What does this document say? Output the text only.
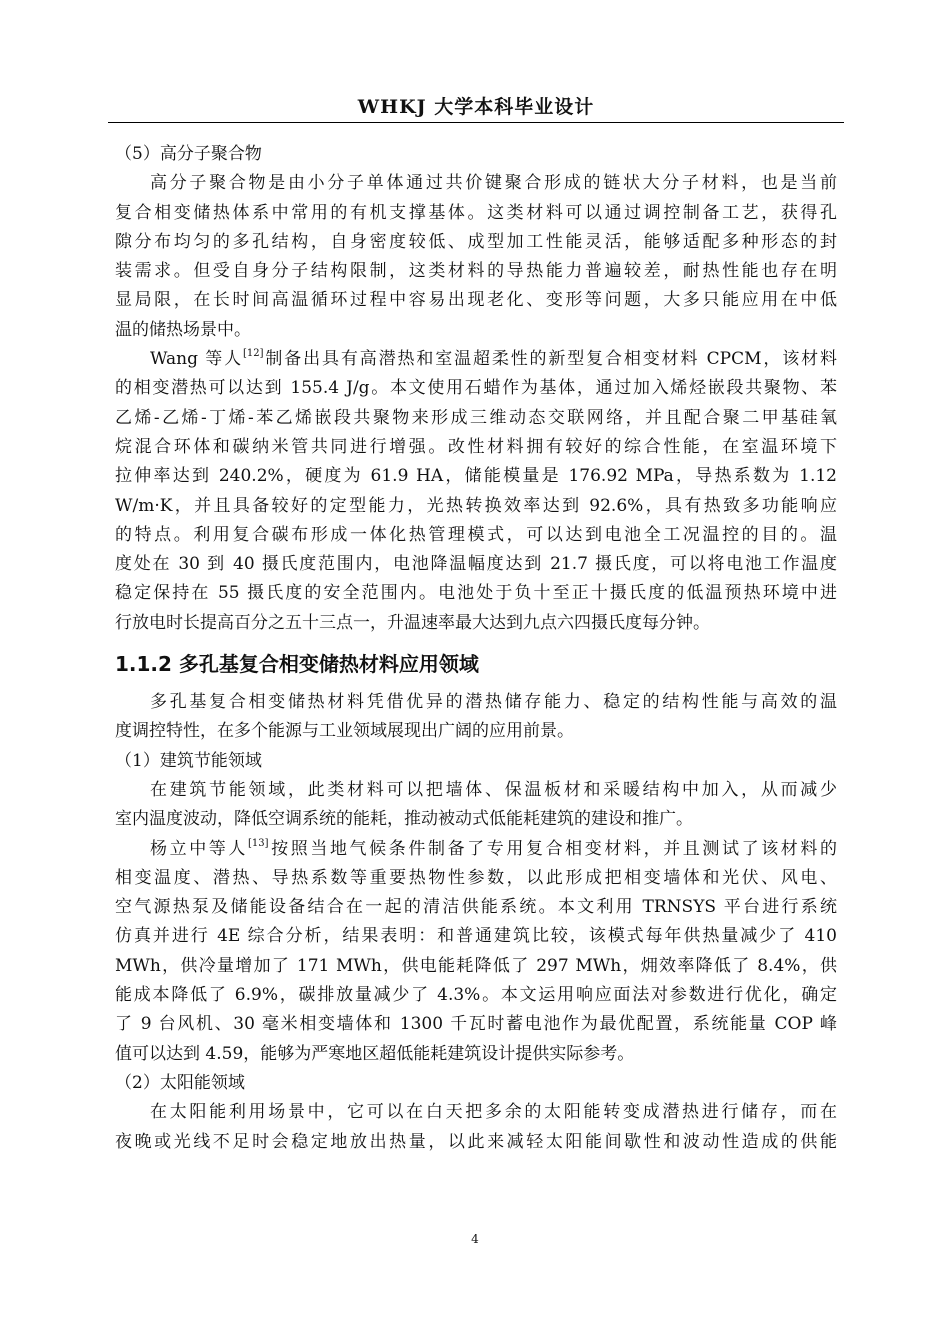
WHKJ 大学本科毕业设计
（5）高分子聚合物
高分子聚合物是由小分子单体通过共价键聚合形成的链状大分子材料，也是当前
复合相变储热体系中常用的有机支撑基体。这类材料可以通过调控制备工艺，获得孔
隙分布均匀的多孔结构，自身密度较低、成型加工性能灵活，能够适配多种形态的封
装需求。但受自身分子结构限制，这类材料的导热能力普遍较差，耐热性能也存在明
显局限，在长时间高温循环过程中容易出现老化、变形等问题，大多只能应用在中低
温的储热场景中。
Wang 等人[12]制备出具有高潜热和室温超柔性的新型复合相变材料 CPCM，该材料
的相变潜热可以达到 155.4 J/g。本文使用石蜡作为基体，通过加入烯烃嵌段共聚物、苯
乙烯-乙烯-丁烯-苯乙烯嵌段共聚物来形成三维动态交联网络，并且配合聚二甲基硅氧
烷混合环体和碳纳米管共同进行增强。改性材料拥有较好的综合性能，在室温环境下
拉伸率达到 240.2%，硬度为 61.9 HA，储能模量是 176.92 MPa，导热系数为 1.12
W/m·K，并且具备较好的定型能力，光热转换效率达到 92.6%，具有热致多功能响应
的特点。利用复合碳布形成一体化热管理模式，可以达到电池全工况温控的目的。温
度处在 30 到 40 摄氏度范围内，电池降温幅度达到 21.7 摄氏度，可以将电池工作温度
稳定保持在 55 摄氏度的安全范围内。电池处于负十至正十摄氏度的低温预热环境中进
行放电时长提高百分之五十三点一，升温速率最大达到九点六四摄氏度每分钟。
1.1.2 多孔基复合相变储热材料应用领域
多孔基复合相变储热材料凭借优异的潜热储存能力、稳定的结构性能与高效的温
度调控特性，在多个能源与工业领域展现出广阔的应用前景。
（1）建筑节能领域
在建筑节能领域，此类材料可以把墙体、保温板材和采暖结构中加入，从而减少
室内温度波动，降低空调系统的能耗，推动被动式低能耗建筑的建设和推广。
杨立中等人[13]按照当地气候条件制备了专用复合相变材料，并且测试了该材料的
相变温度、潜热、导热系数等重要热物性参数，以此形成把相变墙体和光伏、风电、
空气源热泵及储能设备结合在一起的清洁供能系统。本文利用 TRNSYS 平台进行系统
仿真并进行 4E 综合分析，结果表明：和普通建筑比较，该模式每年供热量减少了 410
MWh，供冷量增加了 171 MWh，供电能耗降低了 297 MWh，㶲效率降低了 8.4%，供
能成本降低了 6.9%，碳排放量减少了 4.3%。本文运用响应面法对参数进行优化，确定
了 9 台风机、30 毫米相变墙体和 1300 千瓦时蓄电池作为最优配置，系统能量 COP 峰
值可以达到 4.59，能够为严寒地区超低能耗建筑设计提供实际参考。
（2）太阳能领域
在太阳能利用场景中，它可以在白天把多余的太阳能转变成潜热进行储存，而在
夜晚或光线不足时会稳定地放出热量，以此来减轻太阳能间歇性和波动性造成的供能
4
